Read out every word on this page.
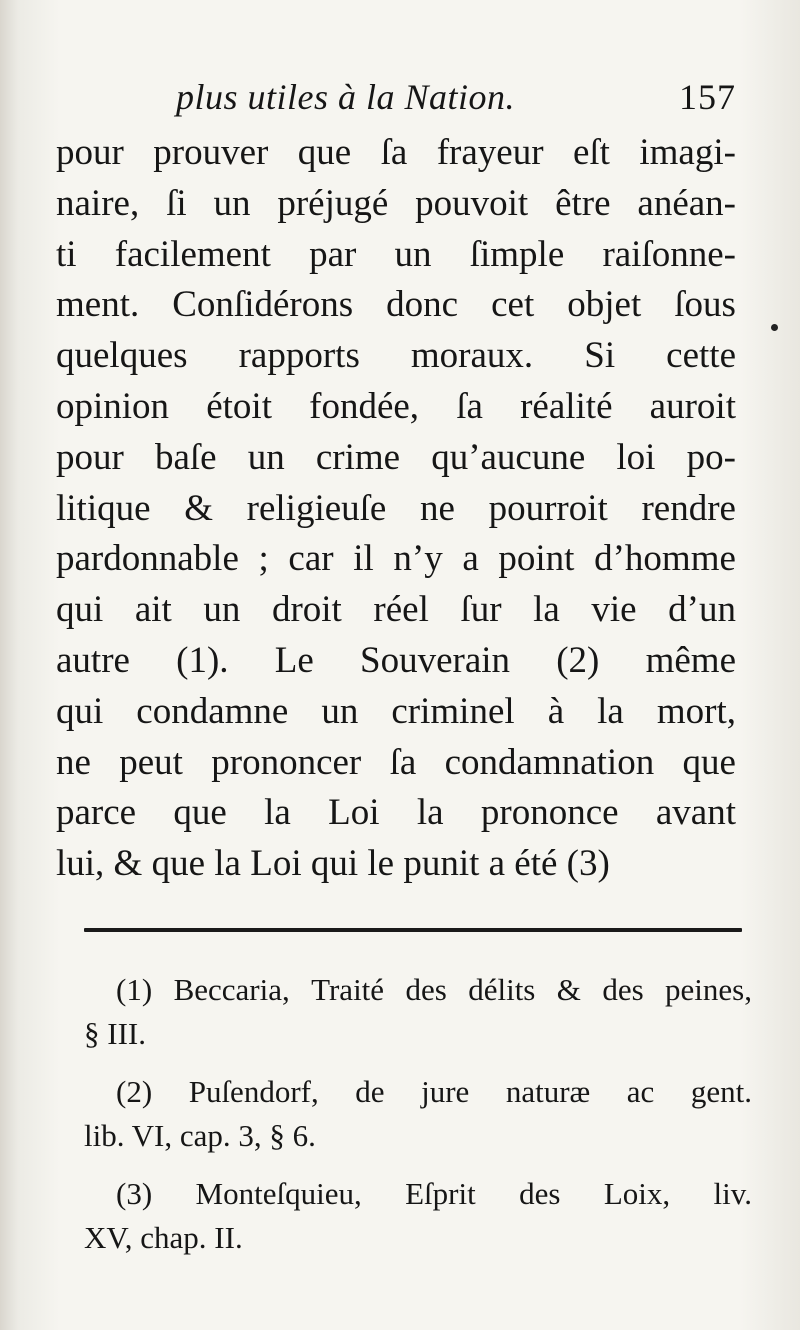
plus utiles à la Nation.	157
pour prouver que ſa frayeur eſt imagi-
naire, ſi un préjugé pouvoit être anéan-
ti facilement par un ſimple raiſonne-
ment. Conſidérons donc cet objet ſous
quelques rapports moraux. Si cette
opinion étoit fondée, ſa réalité auroit
pour baſe un crime qu’aucune loi po-
litique & religieuſe ne pourroit rendre
pardonnable ; car il n’y a point d’homme
qui ait un droit réel ſur la vie d’un
autre (1). Le Souverain (2) même
qui condamne un criminel à la mort,
ne peut prononcer ſa condamnation que
parce que la Loi la prononce avant
lui, & que la Loi qui le punit a été (3)
(1) Beccaria, Traité des délits & des peines,
§ III.
(2) Puſendorf, de jure naturæ ac gent.
lib. VI, cap. 3, § 6.
(3) Monteſquieu, Eſprit des Loix, liv.
XV, chap. II.
